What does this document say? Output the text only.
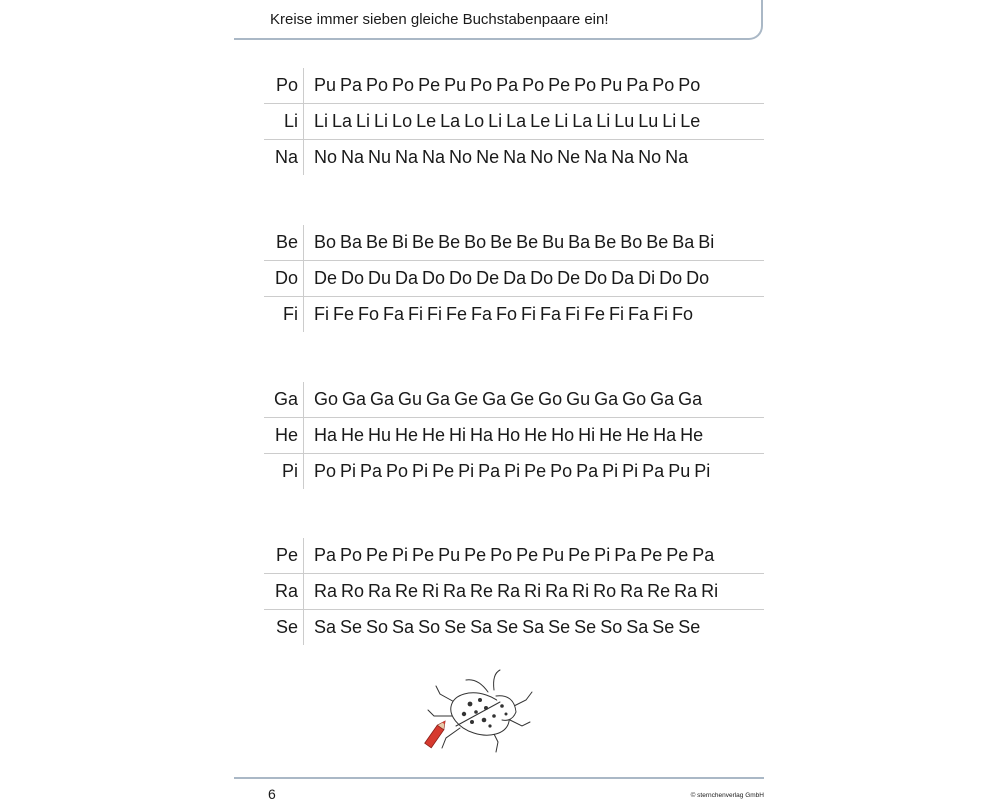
Kreise immer sieben gleiche Buchstabenpaare ein!
Po Pu Pa Po Po Pe Pu Po Pa Po Pe Po Pu Pa Po Po
Li Li La Li Li Lo Le La Lo Li La Le Li La Li Lu Lu Li Le
Na No Na Nu Na Na No Ne Na No Ne Na Na No Na
Be Bo Ba Be Bi Be Be Bo Be Be Bu Ba Be Bo Be Ba Bi
Do De Do Du Da Do Do De Da Do De Do Da Di Do Do
Fi Fi Fe Fo Fa Fi Fi Fe Fa Fo Fi Fa Fi Fe Fi Fa Fi Fo
Ga Go Ga Ga Gu Ga Ge Ga Ge Go Gu Ga Go Ga Ga
He Ha He Hu He He Hi Ha Ho He Ho Hi He He Ha He
Pi Po Pi Pa Po Pi Pe Pi Pa Pi Pe Po Pa Pi Pi Pa Pu Pi
Pe Pa Po Pe Pi Pe Pu Pe Po Pe Pu Pe Pi Pa Pe Pe Pa
Ra Ra Ro Ra Re Ri Ra Re Ra Ri Ra Ri Ro Ra Re Ra Ri
Se Sa Se So Sa So Se Sa Se Sa Se Se So Sa Se Se
6	© sternchenverlag GmbH
